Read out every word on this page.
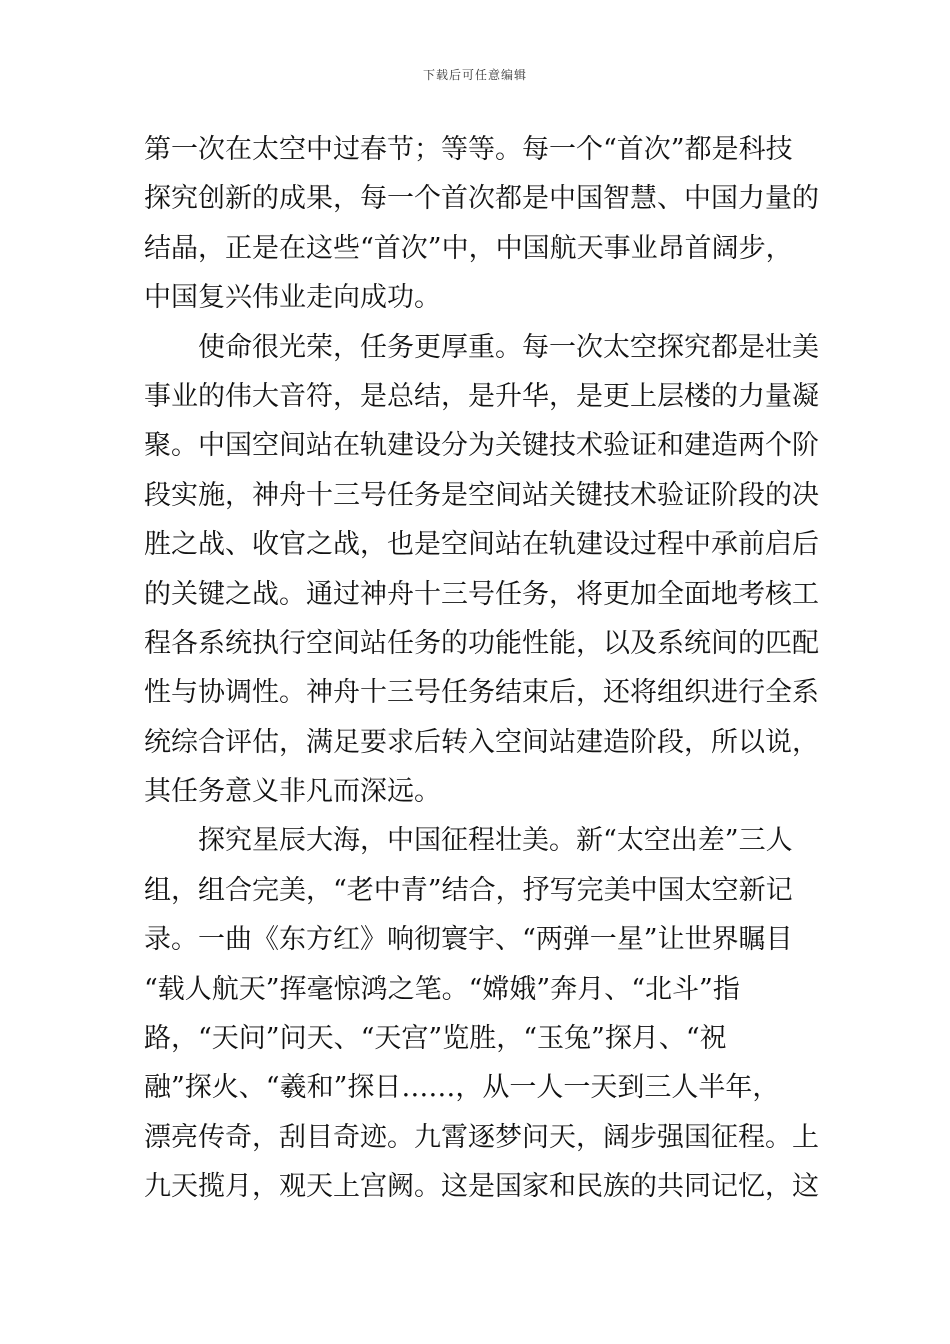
下载后可任意编辑
第一次在太空中过春节；等等。每一个“首次”都是科技
探究创新的成果，每一个首次都是中国智慧、中国力量的
结晶，正是在这些“首次”中，中国航天事业昂首阔步，
中国复兴伟业走向成功。
　　使命很光荣，任务更厚重。每一次太空探究都是壮美
事业的伟大音符，是总结，是升华，是更上层楼的力量凝
聚。中国空间站在轨建设分为关键技术验证和建造两个阶
段实施，神舟十三号任务是空间站关键技术验证阶段的决
胜之战、收官之战，也是空间站在轨建设过程中承前启后
的关键之战。通过神舟十三号任务，将更加全面地考核工
程各系统执行空间站任务的功能性能，以及系统间的匹配
性与协调性。神舟十三号任务结束后，还将组织进行全系
统综合评估，满足要求后转入空间站建造阶段，所以说，
其任务意义非凡而深远。
　　探究星辰大海，中国征程壮美。新“太空出差”三人
组，组合完美，“老中青”结合，抒写完美中国太空新记
录。一曲《东方红》响彻寰宇、“两弹一星”让世界瞩目
“载人航天”挥毫惊鸿之笔。“嫦娥”奔月、“北斗”指
路，“天问”问天、“天宫”览胜，“玉兔”探月、“祝
融”探火、“羲和”探日……，从一人一天到三人半年，
漂亮传奇，刮目奇迹。九霄逐梦问天，阔步强国征程。上
九天揽月，观天上宫阙。这是国家和民族的共同记忆，这
